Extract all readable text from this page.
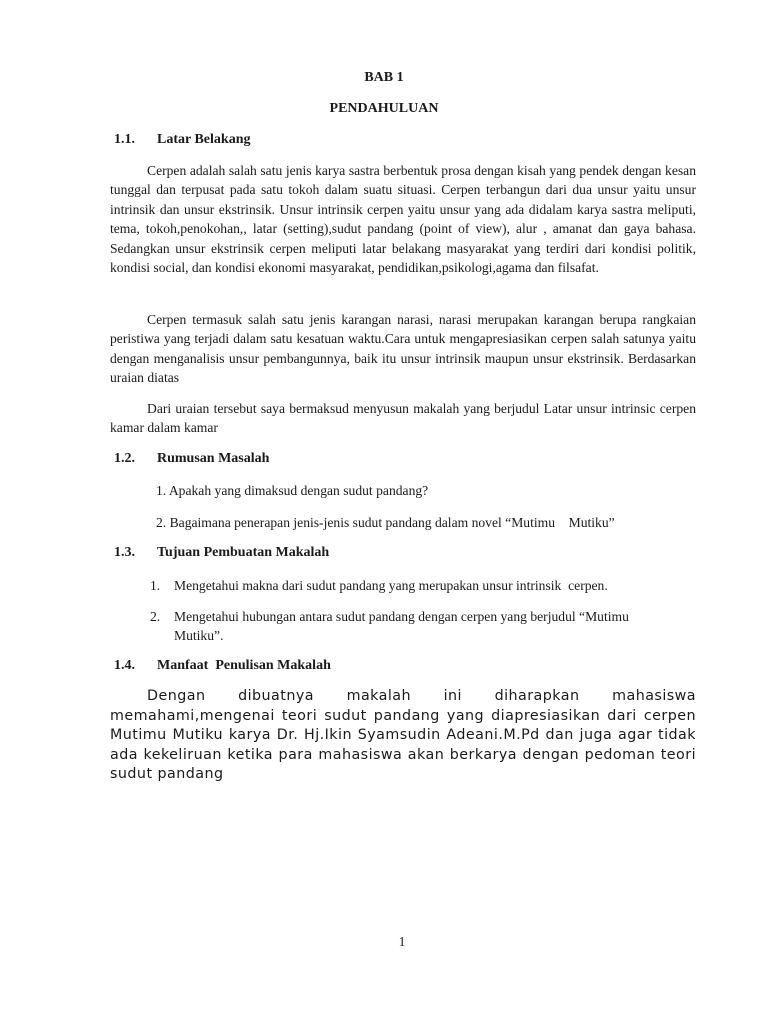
BAB 1
PENDAHULUAN
1.1. Latar Belakang

Cerpen adalah salah satu jenis karya sastra berbentuk prosa dengan kisah yang pendek dengan kesan tunggal dan terpusat pada satu tokoh dalam suatu situasi. Cerpen terbangun dari dua unsur yaitu unsur intrinsik dan unsur ekstrinsik. Unsur intrinsik cerpen yaitu unsur yang ada didalam karya sastra meliputi, tema, tokoh,penokohan,, latar (setting),sudut pandang (point of view), alur , amanat dan gaya bahasa. Sedangkan unsur ekstrinsik cerpen meliputi latar belakang masyarakat yang terdiri dari kondisi politik, kondisi social, dan kondisi ekonomi masyarakat, pendidikan,psikologi,agama dan filsafat.

Cerpen termasuk salah satu jenis karangan narasi, narasi merupakan karangan berupa rangkaian peristiwa yang terjadi dalam satu kesatuan waktu.Cara untuk mengapresiasikan cerpen salah satunya yaitu dengan menganalisis unsur pembangunnya, baik itu unsur intrinsik maupun unsur ekstrinsik. Berdasarkan uraian diatas

Dari uraian tersebut saya bermaksud menyusun makalah yang berjudul Latar unsur intrinsic cerpen kamar dalam kamar

1.2. Rumusan Masalah
1. Apakah yang dimaksud dengan sudut pandang?
2. Bagaimana penerapan jenis-jenis sudut pandang dalam novel “Mutimu    Mutiku”
1.3. Tujuan Pembuatan Makalah
1. Mengetahui makna dari sudut pandang yang merupakan unsur intrinsik  cerpen.
2. Mengetahui hubungan antara sudut pandang dengan cerpen yang berjudul “Mutimu
Mutiku”.
1.4. Manfaat  Penulisan Makalah

Dengan dibuatnya makalah ini diharapkan mahasiswa memahami,mengenai teori sudut pandang yang diapresiasikan dari cerpen Mutimu Mutiku karya Dr. Hj.Ikin Syamsudin Adeani.M.Pd dan juga agar tidak ada kekeliruan ketika para mahasiswa akan berkarya dengan pedoman teori sudut pandang

1
